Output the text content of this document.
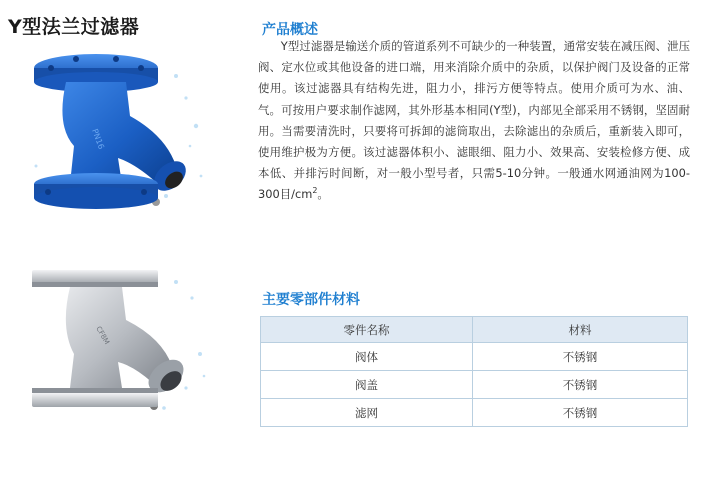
Y型法兰过滤器
PN16
CF8M
产品概述

Y型过滤器是输送介质的管道系列不可缺少的一种装置，通常安装在减压阀、泄压阀、定水位或其他设备的进口端，用来消除介质中的杂质，以保护阀门及设备的正常使用。该过滤器具有结构先进，阻力小，排污方便等特点。使用介质可为水、油、气。可按用户要求制作滤网，其外形基本相同(Y型)，内部见全部采用不锈钢，坚固耐用。当需要清洗时，只要将可拆卸的滤筒取出，去除滤出的杂质后，重新装入即可，使用维护极为方便。该过滤器体积小、滤眼细、阻力小、效果高、安装检修方便、成本低、并排污时间断，对一般小型号者，只需5-10分钟。一般通水网通油网为100-300目$/cm^2$。

主要零部件材料
零件名称	材料
阀体	不锈钢
阀盖	不锈钢
滤网	不锈钢
